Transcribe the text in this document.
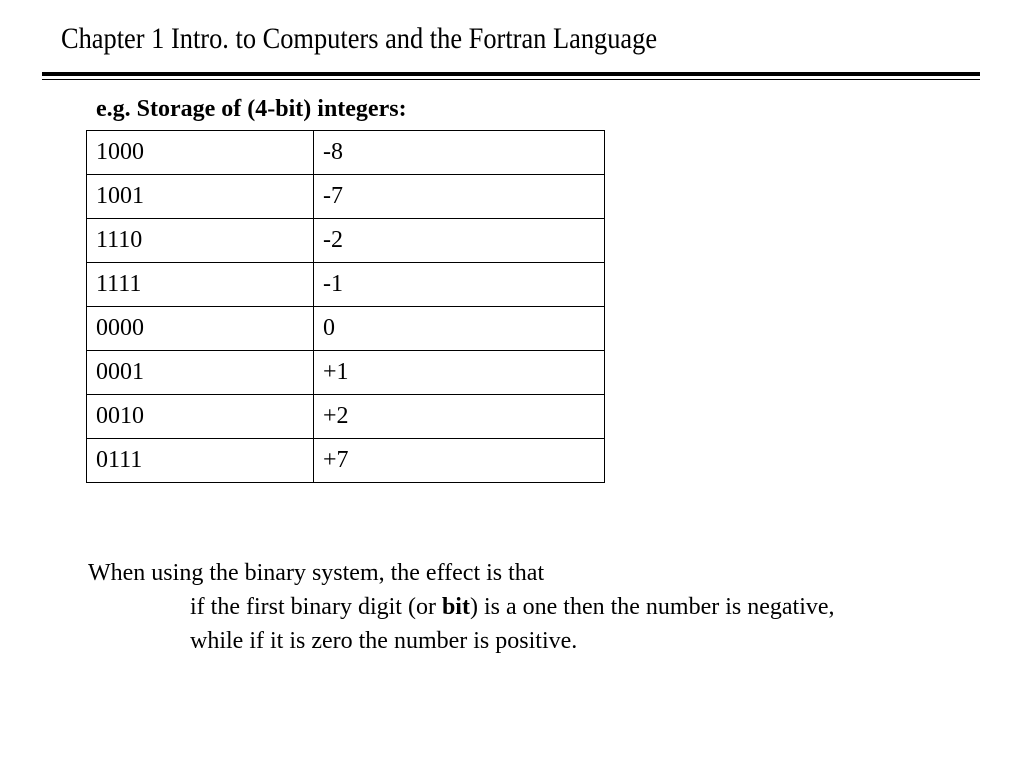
Chapter 1 Intro. to Computers and the Fortran Language
e.g. Storage of (4-bit) integers:
1000	-8
1001	-7
1110	-2
1111	-1
0000	0
0001	+1
0010	+2
0111	+7
When using the binary system, the effect is that
if the first binary digit (or bit) is a one then the number is negative,
while if it is zero the number is positive.
